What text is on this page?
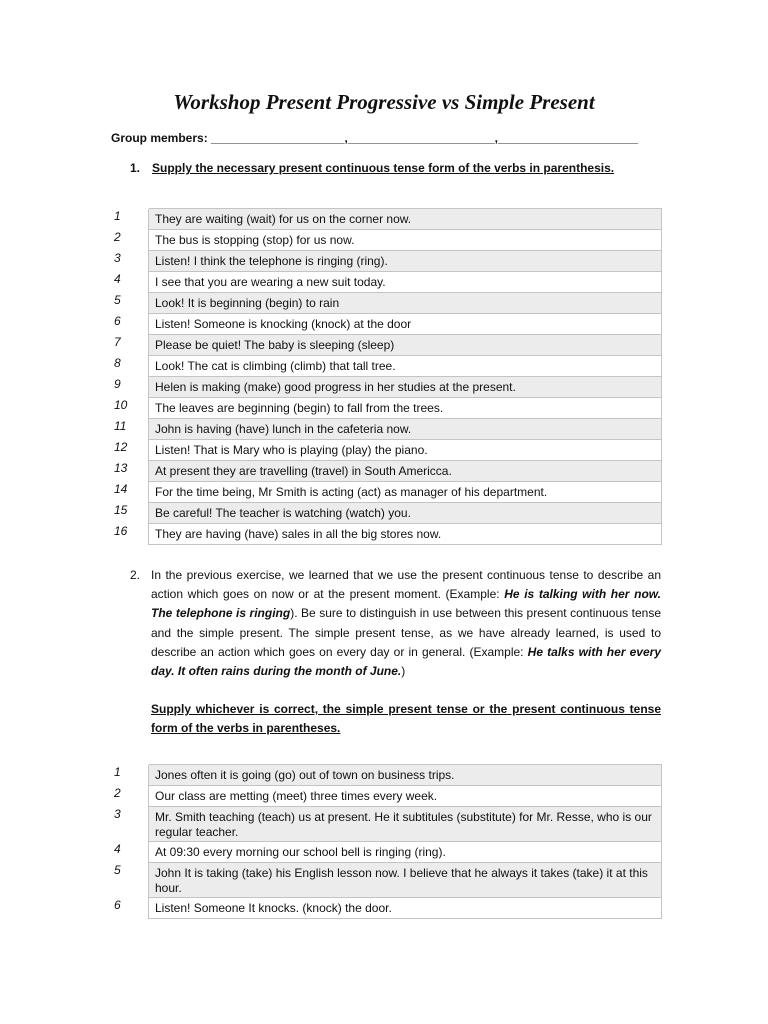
Workshop Present Progressive vs Simple Present
Group members: ____________________,______________________,_____________________
1. Supply the necessary present continuous tense form of the verbs in parenthesis.
1	They are waiting (wait) for us on the corner now.
2	The bus is stopping (stop) for us now.
3	Listen! I think the telephone is ringing (ring).
4	I see that you are wearing a new suit today.
5	Look! It is beginning (begin) to rain
6	Listen! Someone is knocking (knock) at the door
7	Please be quiet! The baby is sleeping (sleep)
8	Look! The cat is climbing (climb) that tall tree.
9	Helen is making (make) good progress in her studies at the present.
10	The leaves are beginning (begin) to fall from the trees.
11	John is having (have) lunch in the cafeteria now.
12	Listen! That is Mary who is playing (play) the piano.
13	At present they are travelling (travel) in South Americca.
14	For the time being, Mr Smith is acting (act) as manager of his department.
15	Be careful! The teacher is watching (watch) you.
16	They are having (have) sales in all the big stores now.
2. In the previous exercise, we learned that we use the present continuous tense to describe an action which goes on now or at the present moment. (Example: He is talking with her now. The telephone is ringing). Be sure to distinguish in use between this present continuous tense and the simple present. The simple present tense, as we have already learned, is used to describe an action which goes on every day or in general. (Example: He talks with her every day. It often rains during the month of June.)
Supply whichever is correct, the simple present tense or the present continuous tense form of the verbs in parentheses.
1	Jones often it is going (go) out of town on business trips.
2	Our class are metting (meet) three times every week.
3	Mr. Smith teaching (teach) us at present. He it subtitules (substitute) for Mr. Resse, who is our regular teacher.
4	At 09:30 every morning our school bell is ringing (ring).
5	John It is taking (take) his English lesson now. I believe that he always it takes (take) it at this hour.
6	Listen! Someone It knocks. (knock) the door.
